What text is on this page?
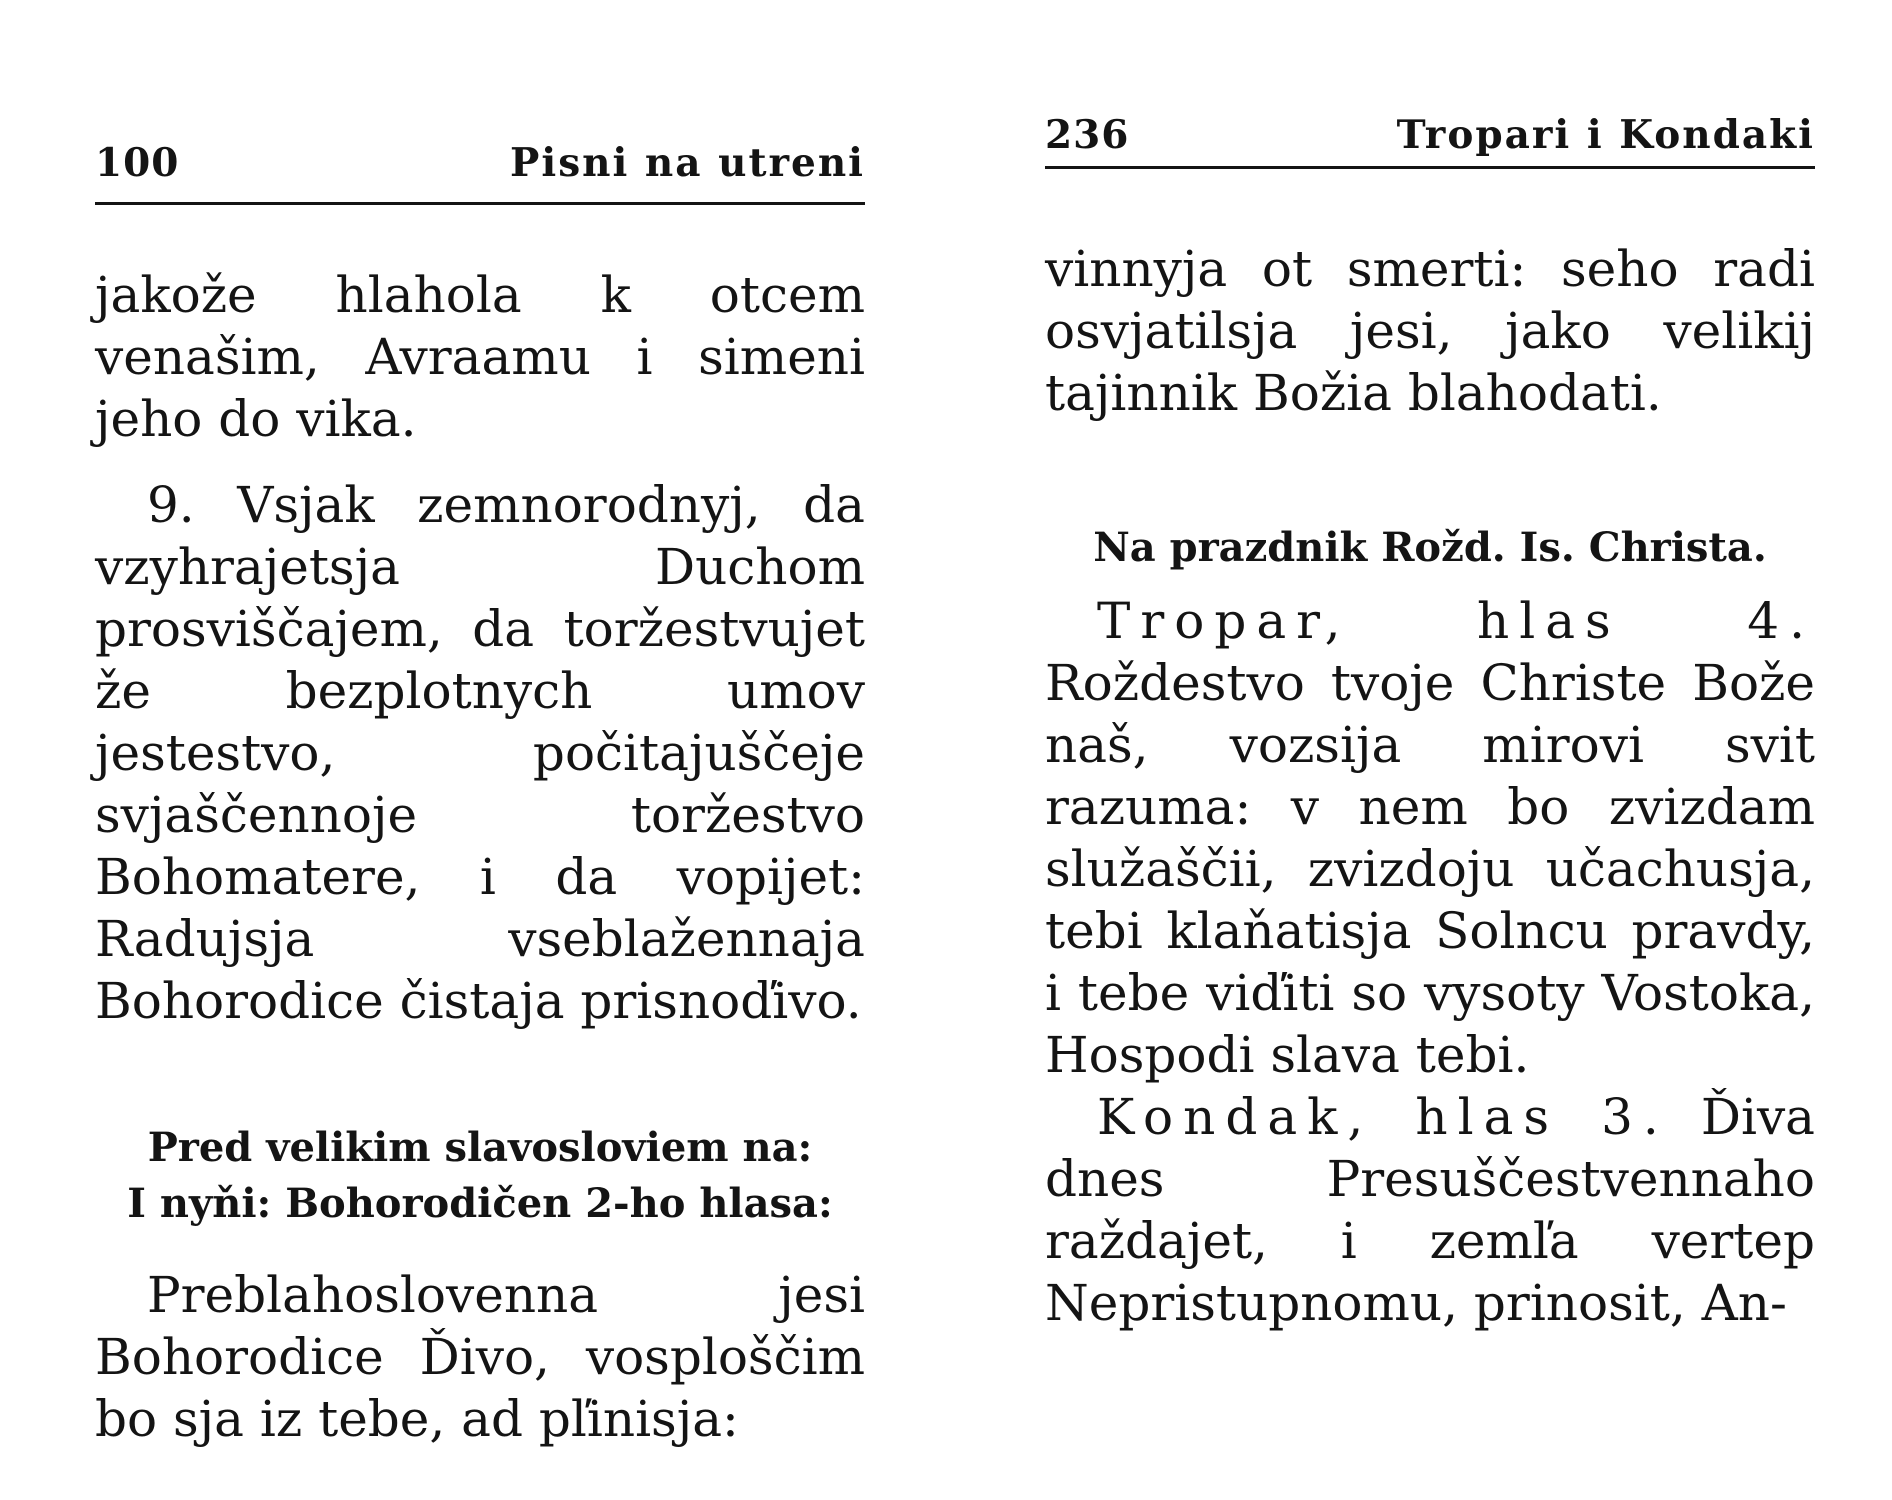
100	Pisni na utreni

jakože hlahola k otcem venašim, Avraamu i simeni jeho do vika.

9. Vsjak zemnorodnyj, da vzyhrajetsja Duchom prosviščajem, da toržestvujet že bezplotnych umov jestestvo, počitajuščeje svjaščennoje toržestvo Bohomatere, i da vopijet: Radujsja vseblažennaja Bohorodice čistaja prisnoďivo.

Pred velikim slavosloviem na:
I nyňi: Bohorodičen 2-ho hlasa:

Preblahoslovenna jesi Bohorodice Ďivo, vosploščim bo sja iz tebe, ad pľinisja:

236	Tropari i Kondaki

vinnyja ot smerti: seho radi osvjatilsja jesi, jako velikij tajinnik Božia blahodati.

Na prazdnik Rožd. Is. Christa.

Tropar, hlas 4. Roždestvo tvoje Christe Bože naš, vozsija mirovi svit razuma: v nem bo zvizdam služaščii, zvizdoju učachusja, tebi klaňatisja Solncu pravdy, i tebe viďiti so vysoty Vostoka, Hospodi slava tebi.

Kondak, hlas 3. Ďiva dnes Presuščestvennaho raždajet, i zemľa vertep Nepristupnomu, prinosit, An-
